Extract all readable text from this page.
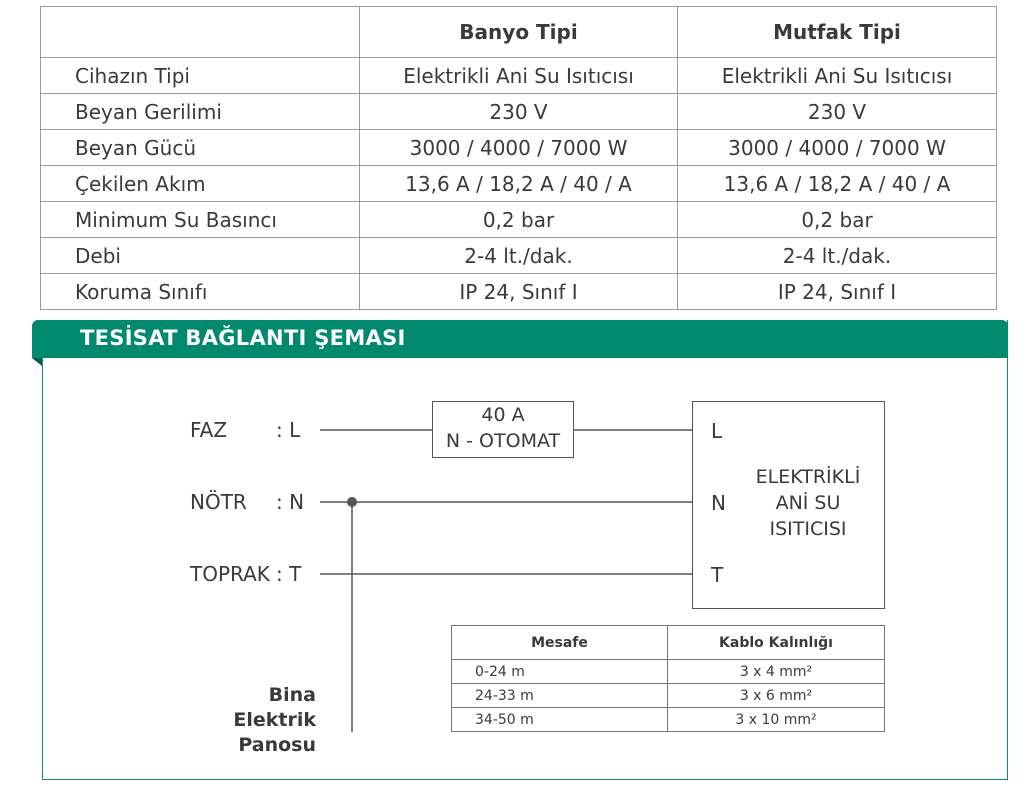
	Banyo Tipi	Mutfak Tipi
Cihazın Tipi	Elektrikli Ani Su Isıtıcısı	Elektrikli Ani Su Isıtıcısı
Beyan Gerilimi	230 V	230 V
Beyan Gücü	3000 / 4000 / 7000 W	3000 / 4000 / 7000 W
Çekilen Akım	13,6 A / 18,2 A / 40 / A	13,6 A / 18,2 A / 40 / A
Minimum Su Basıncı	0,2 bar	0,2 bar
Debi	2-4 lt./dak.	2-4 lt./dak.
Koruma Sınıfı	IP 24, Sınıf I	IP 24, Sınıf I
TESİSAT BAĞLANTI ŞEMASI
FAZ : L
NÖTR : N
TOPRAK : T
40 A
N - OTOMAT	L
N
T
ELEKTRİKLİ
ANİ SU
ISITICISI
Bina Elektrik
Panosu
Mesafe	Kablo Kalınlığı
0-24 m	3 x 4 mm²
24-33 m	3 x 6 mm²
34-50 m	3 x 10 mm²
